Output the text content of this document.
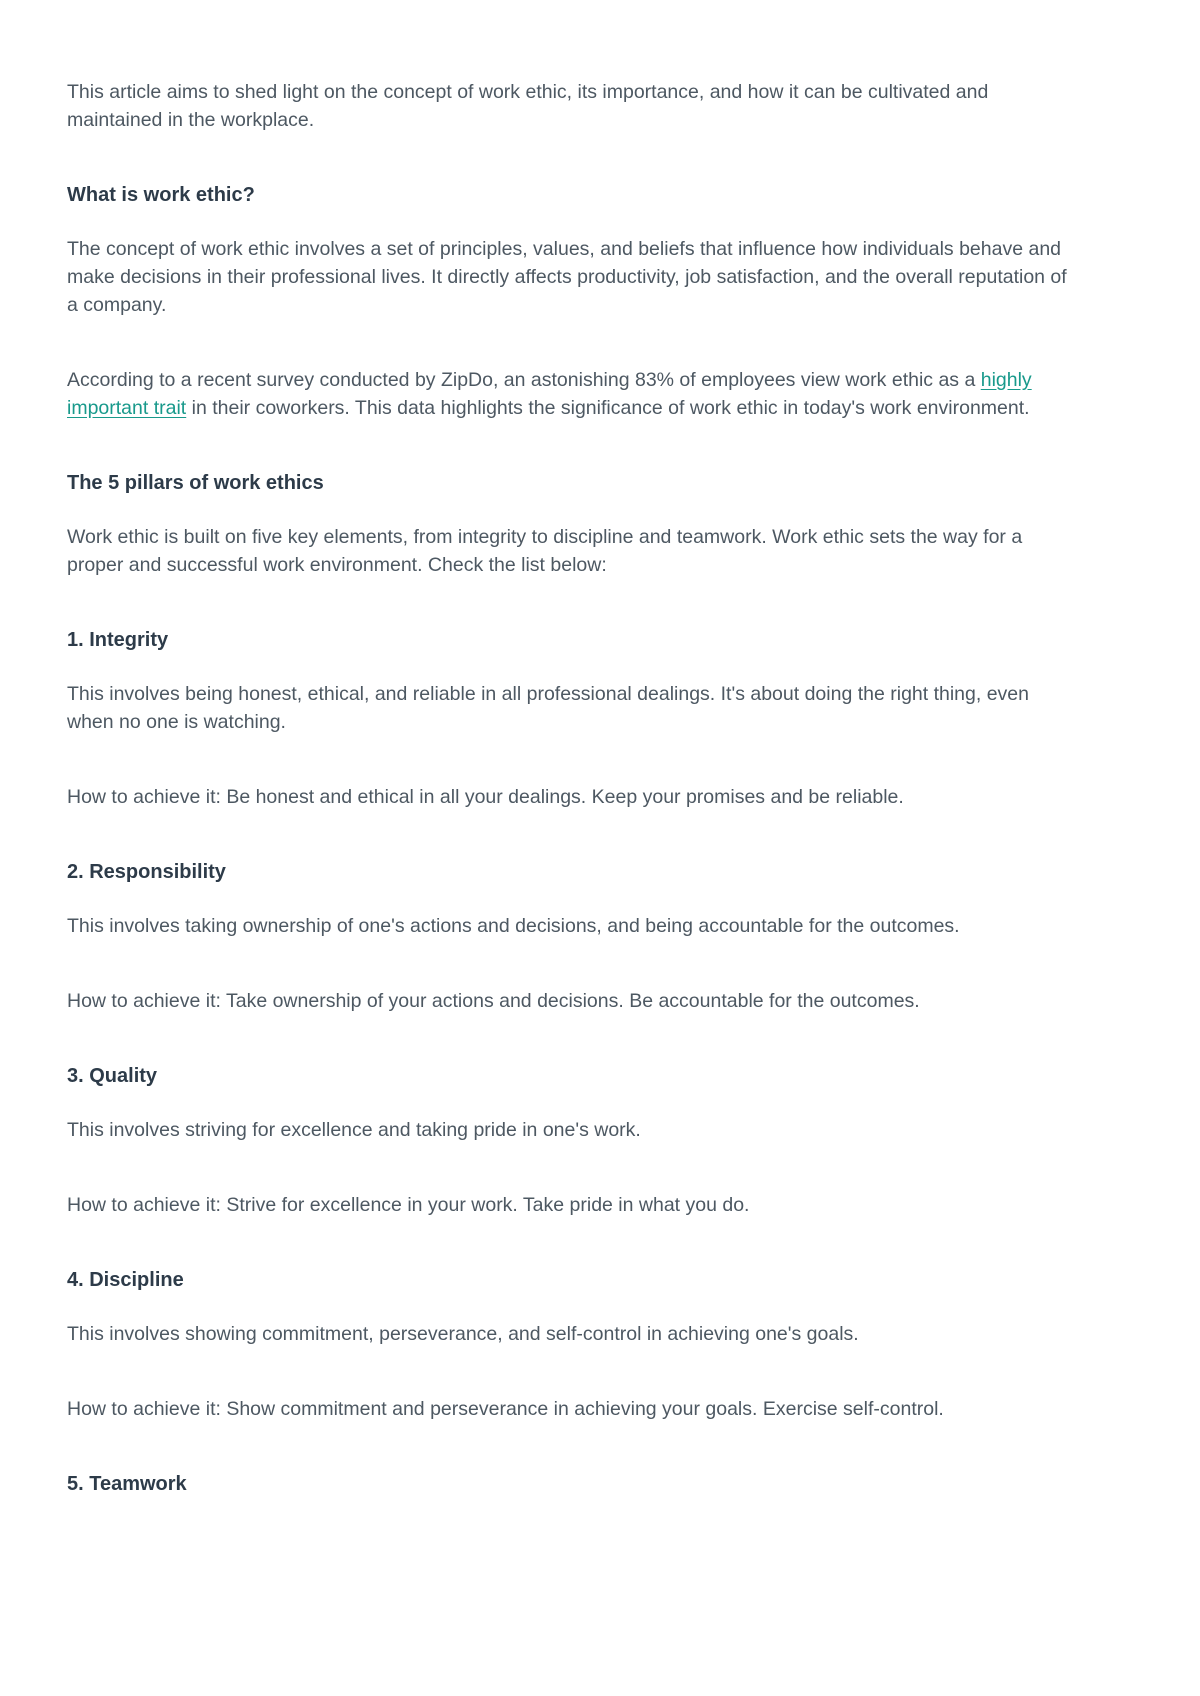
This article aims to shed light on the concept of work ethic, its importance, and how it can be cultivated and maintained in the workplace.

What is work ethic?

The concept of work ethic involves a set of principles, values, and beliefs that influence how individuals behave and make decisions in their professional lives. It directly affects productivity, job satisfaction, and the overall reputation of a company.

According to a recent survey conducted by ZipDo, an astonishing 83% of employees view work ethic as a highly important trait in their coworkers. This data highlights the significance of work ethic in today's work environment.

The 5 pillars of work ethics

Work ethic is built on five key elements, from integrity to discipline and teamwork. Work ethic sets the way for a proper and successful work environment. Check the list below:

1. Integrity

This involves being honest, ethical, and reliable in all professional dealings. It's about doing the right thing, even when no one is watching.

How to achieve it: Be honest and ethical in all your dealings. Keep your promises and be reliable.

2. Responsibility

This involves taking ownership of one's actions and decisions, and being accountable for the outcomes.

How to achieve it: Take ownership of your actions and decisions. Be accountable for the outcomes.

3. Quality

This involves striving for excellence and taking pride in one's work.

How to achieve it: Strive for excellence in your work. Take pride in what you do.

4. Discipline

This involves showing commitment, perseverance, and self-control in achieving one's goals.

How to achieve it: Show commitment and perseverance in achieving your goals. Exercise self-control.

5. Teamwork
